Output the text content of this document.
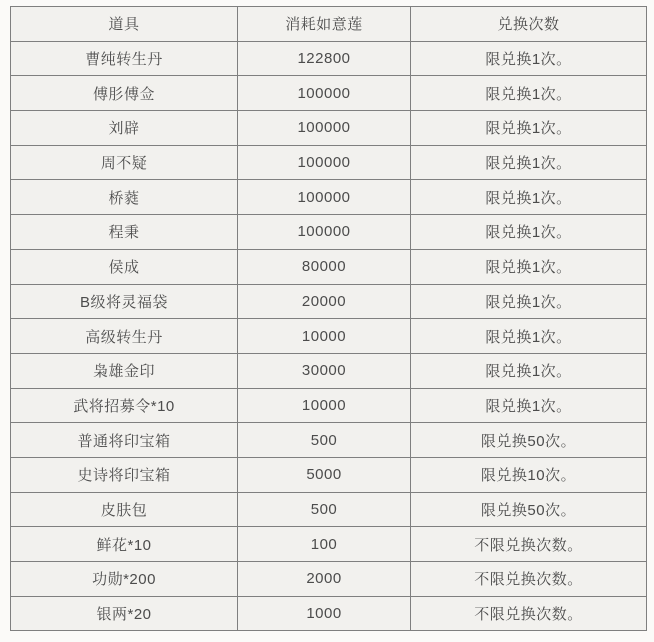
道具	消耗如意莲	兑换次数
曹纯转生丹	122800	限兑换1次。
傅肜傅佥	100000	限兑换1次。
刘辟	100000	限兑换1次。
周不疑	100000	限兑换1次。
桥蕤	100000	限兑换1次。
程秉	100000	限兑换1次。
侯成	80000	限兑换1次。
B级将灵福袋	20000	限兑换1次。
高级转生丹	10000	限兑换1次。
枭雄金印	30000	限兑换1次。
武将招募令*10	10000	限兑换1次。
普通将印宝箱	500	限兑换50次。
史诗将印宝箱	5000	限兑换10次。
皮肤包	500	限兑换50次。
鲜花*10	100	不限兑换次数。
功勋*200	2000	不限兑换次数。
银两*20	1000	不限兑换次数。
